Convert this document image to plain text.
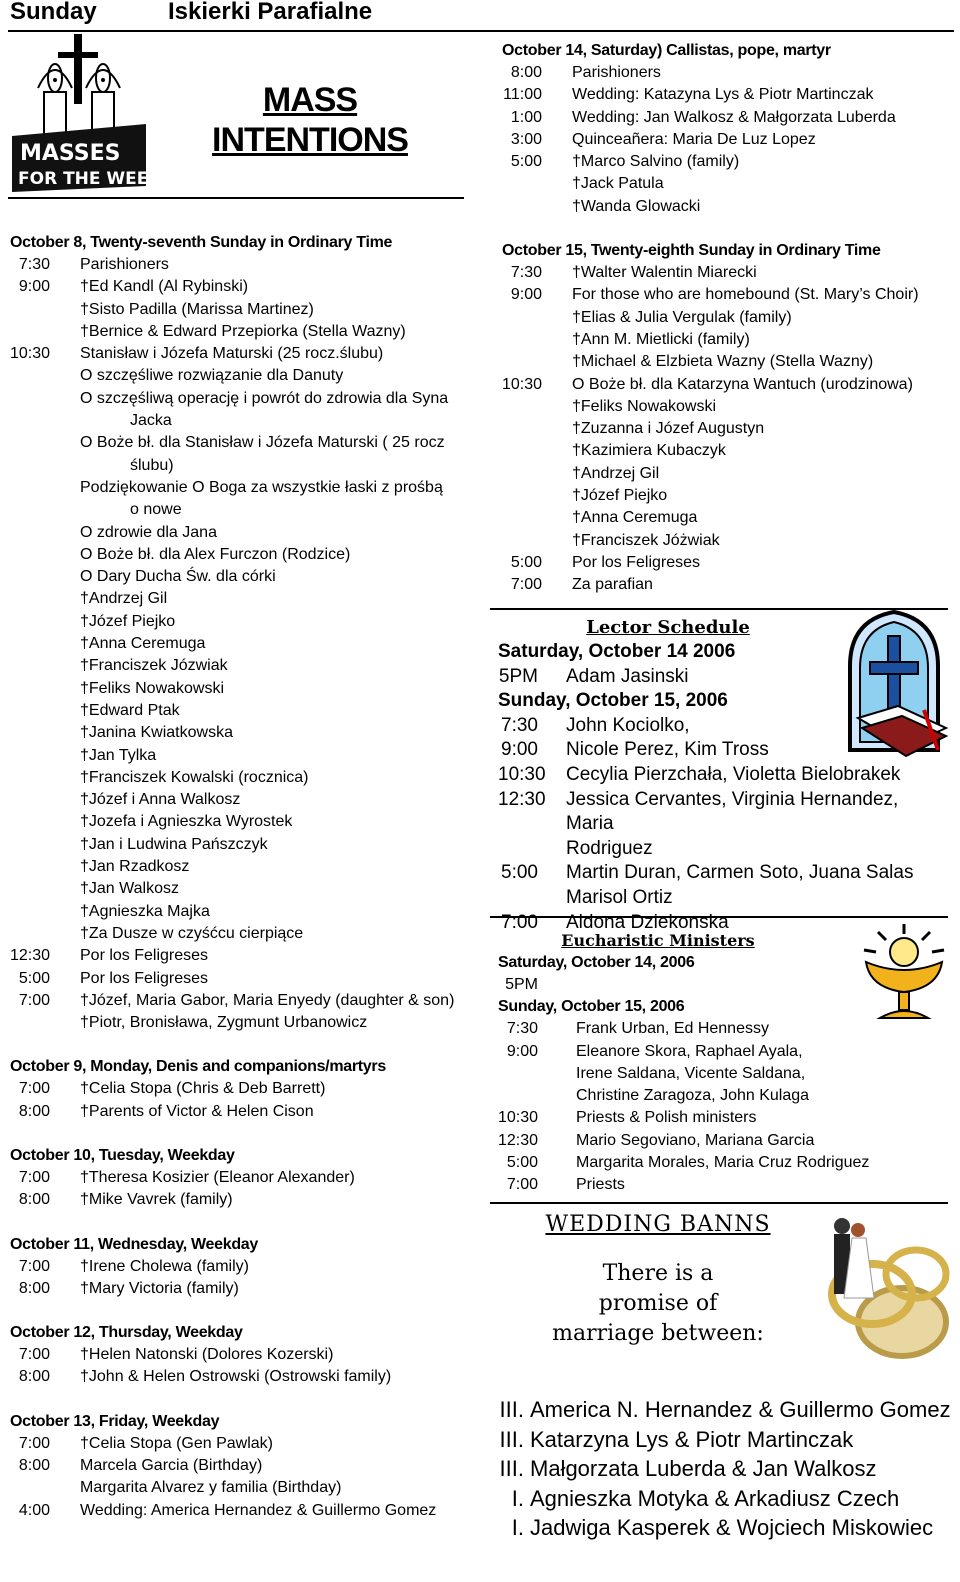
Sunday	Iskierki Parafialne
MASSES
FOR THE WEEK
MASS
INTENTIONS
October 8, Twenty-seventh Sunday in Ordinary Time
7:30	Parishioners
9:00	†Ed Kandl (Al Rybinski)
†Sisto Padilla (Marissa Martinez)
†Bernice & Edward Przepiorka (Stella Wazny)
10:30	Stanisław i Józefa Maturski (25 rocz.ślubu)
O szczęśliwe rozwiązanie dla Danuty
O szczęśliwą operację i powrót do zdrowia dla Syna
Jacka
O Boże bł. dla Stanisław i Józefa Maturski ( 25 rocz
ślubu)
Podziękowanie O Boga za wszystkie łaski z prośbą
o nowe
O zdrowie dla Jana
O Boże bł. dla Alex Furczon (Rodzice)
O Dary Ducha Św. dla córki
†Andrzej Gil
†Józef Piejko
†Anna Ceremuga
†Franciszek Józwiak
†Feliks Nowakowski
†Edward Ptak
†Janina Kwiatkowska
†Jan Tylka
†Franciszek Kowalski (rocznica)
†Józef i Anna Walkosz
†Jozefa i Agnieszka Wyrostek
†Jan i Ludwina Pańszczyk
†Jan Rzadkosz
†Jan Walkosz
†Agnieszka Majka
†Za Dusze w czyśćcu cierpiące
12:30	Por los Feligreses
5:00	Por los Feligreses
7:00	†Józef, Maria Gabor, Maria Enyedy (daughter & son)
†Piotr, Bronisława, Zygmunt Urbanowicz
October 9, Monday, Denis and companions/martyrs
7:00	†Celia Stopa (Chris & Deb Barrett)
8:00	†Parents of Victor & Helen Cison
October 10, Tuesday, Weekday
7:00	†Theresa Kosizier (Eleanor Alexander)
8:00	†Mike Vavrek (family)
October 11, Wednesday, Weekday
7:00	†Irene Cholewa (family)
8:00	†Mary Victoria (family)
October 12, Thursday, Weekday
7:00	†Helen Natonski (Dolores Kozerski)
8:00	†John & Helen Ostrowski (Ostrowski family)
October 13, Friday, Weekday
7:00	†Celia Stopa (Gen Pawlak)
8:00	Marcela Garcia (Birthday)
Margarita Alvarez y familia (Birthday)
4:00	Wedding: America Hernandez & Guillermo Gomez
October 14, Saturday) Callistas, pope, martyr
8:00	Parishioners
11:00	Wedding: Katazyna Lys & Piotr Martinczak
1:00	Wedding: Jan Walkosz & Małgorzata Luberda
3:00	Quinceañera: Maria De Luz Lopez
5:00	†Marco Salvino (family)
†Jack Patula
†Wanda Glowacki
October 15, Twenty-eighth Sunday in Ordinary Time
7:30	†Walter Walentin Miarecki
9:00	For those who are homebound (St. Mary’s Choir)
†Elias & Julia Vergulak (family)
†Ann M. Mietlicki (family)
†Michael & Elzbieta Wazny (Stella Wazny)
10:30	O Boże bł. dla Katarzyna Wantuch (urodzinowa)
†Feliks Nowakowski
†Zuzanna i Józef Augustyn
†Kazimiera Kubaczyk
†Andrzej Gil
†Józef Piejko
†Anna Ceremuga
†Franciszek Jóżwiak
5:00	Por los Feligreses
7:00	Za parafian
Lector Schedule
Saturday, October 14 2006
5PM	Adam Jasinski
Sunday, October 15, 2006
7:30	John Kociolko,
9:00	Nicole Perez, Kim Tross
10:30	Cecylia Pierzchała, Violetta Bielobrakek
12:30	Jessica Cervantes, Virginia Hernandez, Maria
Rodriguez
5:00	Martin Duran, Carmen Soto, Juana Salas
Marisol Ortiz
7:00	Aldona Dziekonska
Eucharistic Ministers
Saturday, October 14, 2006
5PM
Sunday, October 15, 2006
7:30	Frank Urban, Ed Hennessy
9:00	Eleanore Skora, Raphael Ayala,
Irene Saldana, Vicente Saldana,
Christine Zaragoza, John Kulaga
10:30	Priests & Polish ministers
12:30	Mario Segoviano, Mariana Garcia
5:00	Margarita Morales, Maria Cruz Rodriguez
7:00	Priests
WEDDING BANNS
There is a
promise of
marriage between:
III. America N. Hernandez & Guillermo Gomez
III. Katarzyna Lys & Piotr Martinczak
III. Małgorzata Luberda & Jan Walkosz
I. Agnieszka Motyka & Arkadiusz Czech
I. Jadwiga Kasperek & Wojciech Miskowiec
